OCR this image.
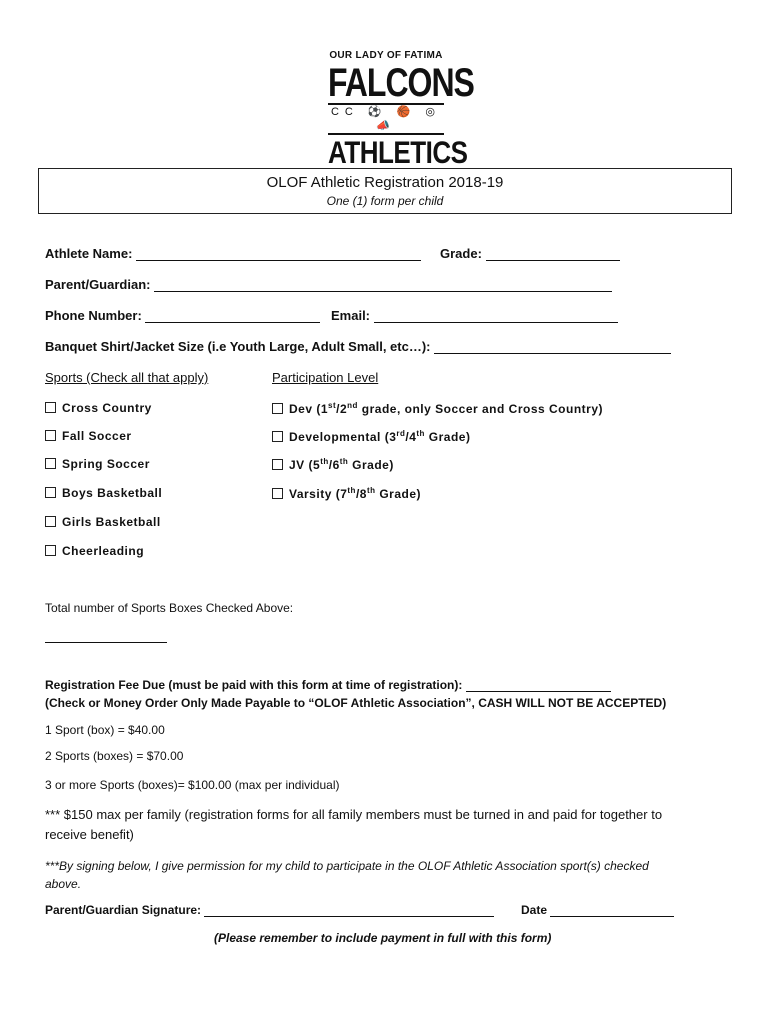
OUR LADY OF FATIMA
FALCONS
CC ⚽ 🏀 ◎ 📣
ATHLETICS
OLOF Athletic Registration 2018-19
One (1) form per child
Athlete Name:	Grade:
Parent/Guardian:
Phone Number:	Email:
Banquet Shirt/Jacket Size (i.e Youth Large, Adult Small, etc…):
Sports (Check all that apply)	Participation Level
Cross Country
Fall Soccer
Spring Soccer
Boys Basketball
Girls Basketball
Cheerleading
Dev (1st/2nd grade, only Soccer and Cross Country)
Developmental (3rd/4th Grade)
JV (5th/6th Grade)
Varsity (7th/8th Grade)
Total number of Sports Boxes Checked Above:
Registration Fee Due (must be paid with this form at time of registration):
(Check or Money Order Only Made Payable to “OLOF Athletic Association”, CASH WILL NOT BE ACCEPTED)
1 Sport (box) = $40.00
2 Sports (boxes) = $70.00
3 or more Sports (boxes)= $100.00 (max per individual)
*** $150 max per family (registration forms for all family members must be turned in and paid for together to
receive benefit)
***By signing below, I give permission for my child to participate in the OLOF Athletic Association sport(s) checked
above.
Parent/Guardian Signature:	Date
(Please remember to include payment in full with this form)
